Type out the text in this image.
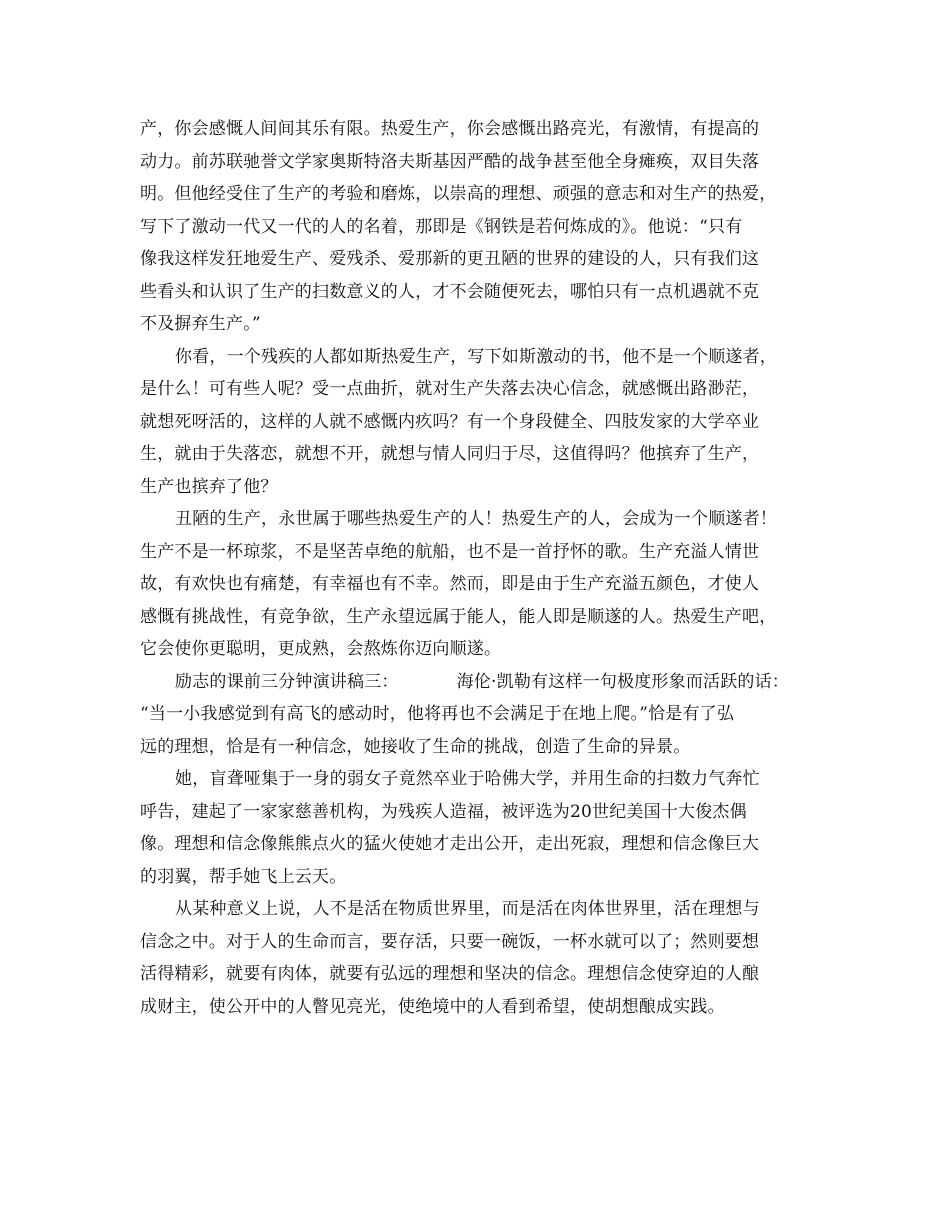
产，你会感慨人间间其乐有限。热爱生产，你会感慨出路亮光，有激情，有提高的
动力。前苏联驰誉文学家奥斯特洛夫斯基因严酷的战争甚至他全身瘫痪，双目失落
明。但他经受住了生产的考验和磨炼，以崇高的理想、顽强的意志和对生产的热爱，
写下了激动一代又一代的人的名着，那即是《钢铁是若何炼成的》。他说：“只有
像我这样发狂地爱生产、爱残杀、爱那新的更丑陋的世界的建设的人，只有我们这
些看头和认识了生产的扫数意义的人，才不会随便死去，哪怕只有一点机遇就不克
不及摒弃生产。”

你看，一个残疾的人都如斯热爱生产，写下如斯激动的书，他不是一个顺遂者，
是什么！可有些人呢？受一点曲折，就对生产失落去决心信念，就感慨出路渺茫，
就想死呀活的，这样的人就不感慨内疚吗？有一个身段健全、四肢发家的大学卒业
生，就由于失落恋，就想不开，就想与情人同归于尽，这值得吗？他摈弃了生产，
生产也摈弃了他？

丑陋的生产，永世属于哪些热爱生产的人！热爱生产的人，会成为一个顺遂者！
生产不是一杯琼浆，不是坚苦卓绝的航船，也不是一首抒怀的歌。生产充溢人情世
故，有欢快也有痛楚，有幸福也有不幸。然而，即是由于生产充溢五颜色，才使人
感慨有挑战性，有竞争欲，生产永望远属于能人，能人即是顺遂的人。热爱生产吧，
它会使你更聪明，更成熟，会熬炼你迈向顺遂。

励志的课前三分钟演讲稿三：	海伦·凯勒有这样一句极度形象而活跃的话：
“当一小我感觉到有高飞的感动时，他将再也不会满足于在地上爬。”恰是有了弘
远的理想，恰是有一种信念，她接收了生命的挑战，创造了生命的异景。

她，盲聋哑集于一身的弱女子竟然卒业于哈佛大学，并用生命的扫数力气奔忙
呼告，建起了一家家慈善机构，为残疾人造福，被评选为20世纪美国十大俊杰偶
像。理想和信念像熊熊点火的猛火使她才走出公开，走出死寂，理想和信念像巨大
的羽翼，帮手她飞上云天。

从某种意义上说，人不是活在物质世界里，而是活在肉体世界里，活在理想与
信念之中。对于人的生命而言，要存活，只要一碗饭，一杯水就可以了；然则要想
活得精彩，就要有肉体，就要有弘远的理想和坚决的信念。理想信念使穿迫的人酿
成财主，使公开中的人瞥见亮光，使绝境中的人看到希望，使胡想酿成实践。
